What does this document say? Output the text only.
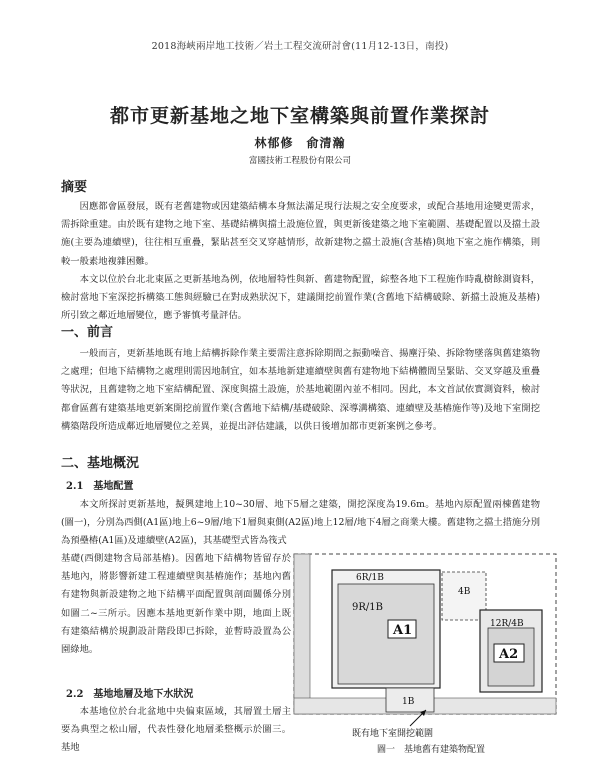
2018海峽兩岸地工技術／岩土工程交流研討會(11月12-13日，南投)
都市更新基地之地下室構築與前置作業探討
林郁修　俞清瀚
富國技術工程股份有限公司
摘要

因應都會區發展，既有老舊建物或因建築結構本身無法滿足現行法規之安全度要求，或配合基地用途變更需求，需拆除重建。由於既有建物之地下室、基礎結構與擋土設施位置，與更新後建築之地下室範圍、基礎配置以及擋土設施(主要為連續壁)，往往相互重疊，緊貼甚至交叉穿越情形，故新建物之擋土設施(含基樁)與地下室之施作構築，則較一般素地複雜困難。

本文以位於台北北東區之更新基地為例，依地層特性與新、舊建物配置，綜整各地下工程施作時亂樹餘測資料，檢討當地下室深挖拆構築工態與經驗已在對成熟狀況下，建議開挖前置作業(含舊地下結構破除、新擋土設施及基樁)所引致之鄰近地層變位，應予審慎考量評估。

一、前言

一般而言，更新基地既有地上結構拆除作業主要需注意拆除期間之振動噪音、揚塵汙染、拆除物墜落與舊建築物之處理；但地下結構物之處理則需因地制宜，如本基地新建連續壁與舊有建物地下結構體間呈緊貼、交叉穿越及重疊等狀況，且舊建物之地下室結構配置、深度與擋土設施，於基地範圍內並不相同。因此，本文首試依實測資料，檢討都會區舊有建築基地更新案開挖前置作業(含舊地下結構/基礎破除、深導溝構築、連續壁及基樁施作等)及地下室開挖構築階段所造成鄰近地層變位之差異，並提出評估建議，以供日後增加都市更新案例之參考。

二、基地概況
2.1　基地配置

本文所探討更新基地，擬興建地上10~30層、地下5層之建築，開挖深度為19.6m。基地內原配置兩棟舊建物(圖一)，分別為西側(A1區)地上6~9層/地下1層與東側(A2區)地上12層/地下4層之商業大樓。舊建物之擋土措施分別為預壘樁(A1區)及連續壁(A2區)，其基礎型式皆為筏式

基礎(西側建物含局部基樁)。因舊地下結構物皆留存於基地內，將影響新建工程連續壁與基樁施作；基地內舊有建物與新設建物之地下結構平面配置與剖面關係分別如圖二~三所示。因應本基地更新作業中期，地面上既有建築結構於規劃設計階段即已拆除，並暫時設置為公園綠地。

2.2　基地地層及地下水狀況

本基地位於台北盆地中央偏東區域，其層置土層主要為典型之松山層，代表性發化地層柔整概示於圖三。基地

6R/1B
9R/1B
A1
4B
12R/4B
A2
1B
既有地下室開挖範圍
圖一　基地舊有建築物配置
